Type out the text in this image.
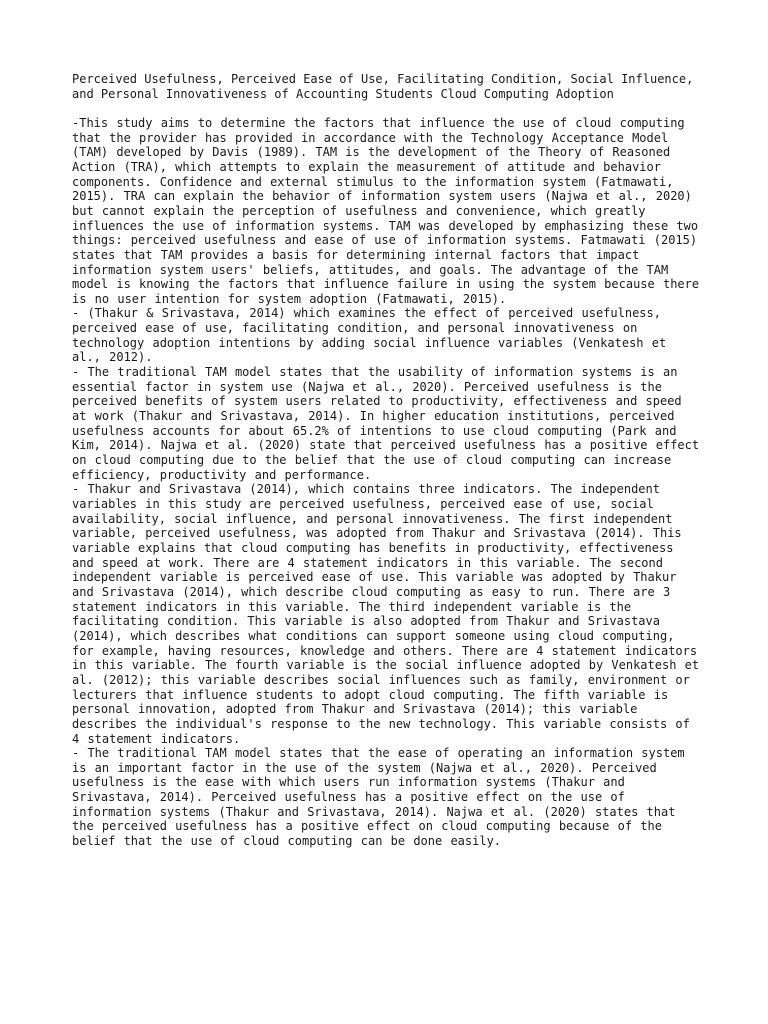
Perceived Usefulness, Perceived Ease of Use, Facilitating Condition, Social Influence, and Personal Innovativeness of Accounting Students Cloud Computing Adoption

-This study aims to determine the factors that influence the use of cloud computing that the provider has provided in accordance with the Technology Acceptance Model (TAM) developed by Davis (1989). TAM is the development of the Theory of Reasoned Action (TRA), which attempts to explain the measurement of attitude and behavior components. Confidence and external stimulus to the information system (Fatmawati, 2015). TRA can explain the behavior of information system users (Najwa et al., 2020) but cannot explain the perception of usefulness and convenience, which greatly influences the use of information systems. TAM was developed by emphasizing these two things: perceived usefulness and ease of use of information systems. Fatmawati (2015) states that TAM provides a basis for determining internal factors that impact information system users' beliefs, attitudes, and goals. The advantage of the TAM model is knowing the factors that influence failure in using the system because there is no user intention for system adoption (Fatmawati, 2015).

- (Thakur & Srivastava, 2014) which examines the effect of perceived usefulness, perceived ease of use, facilitating condition, and personal innovativeness on technology adoption intentions by adding social influence variables (Venkatesh et al., 2012).

- The traditional TAM model states that the usability of information systems is an essential factor in system use (Najwa et al., 2020). Perceived usefulness is the perceived benefits of system users related to productivity, effectiveness and speed at work (Thakur and Srivastava, 2014). In higher education institutions, perceived usefulness accounts for about 65.2% of intentions to use cloud computing (Park and Kim, 2014). Najwa et al. (2020) state that perceived usefulness has a positive effect on cloud computing due to the belief that the use of cloud computing can increase efficiency, productivity and performance.

- Thakur and Srivastava (2014), which contains three indicators. The independent variables in this study are perceived usefulness, perceived ease of use, social availability, social influence, and personal innovativeness. The first independent variable, perceived usefulness, was adopted from Thakur and Srivastava (2014). This variable explains that cloud computing has benefits in productivity, effectiveness and speed at work. There are 4 statement indicators in this variable. The second independent variable is perceived ease of use. This variable was adopted by Thakur and Srivastava (2014), which describe cloud computing as easy to run. There are 3 statement indicators in this variable. The third independent variable is the facilitating condition. This variable is also adopted from Thakur and Srivastava (2014), which describes what conditions can support someone using cloud computing, for example, having resources, knowledge and others. There are 4 statement indicators in this variable. The fourth variable is the social influence adopted by Venkatesh et al. (2012); this variable describes social influences such as family, environment or lecturers that influence students to adopt cloud computing. The fifth variable is personal innovation, adopted from Thakur and Srivastava (2014); this variable describes the individual's response to the new technology. This variable consists of 4 statement indicators.

- The traditional TAM model states that the ease of operating an information system is an important factor in the use of the system (Najwa et al., 2020). Perceived usefulness is the ease with which users run information systems (Thakur and Srivastava, 2014). Perceived usefulness has a positive effect on the use of information systems (Thakur and Srivastava, 2014). Najwa et al. (2020) states that the perceived usefulness has a positive effect on cloud computing because of the belief that the use of cloud computing can be done easily.
